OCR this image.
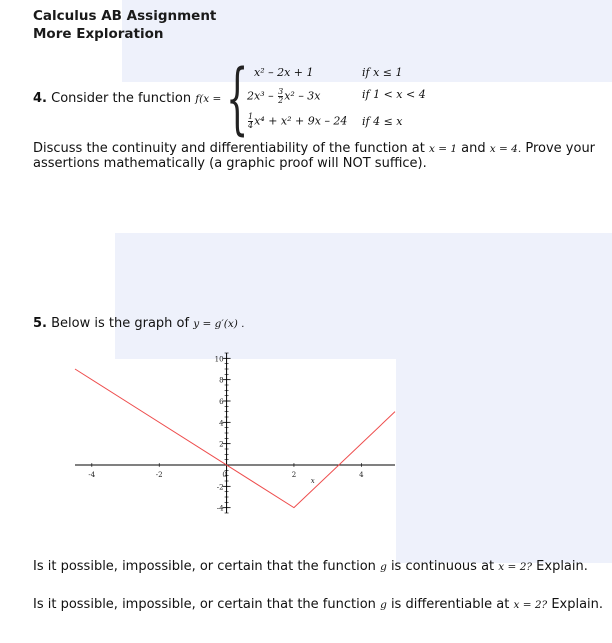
Calculus AB Assignment
More Exploration
4. Consider the function f(x = { x² – 2x + 1	if x ≤ 1
$2x^3 - \frac{3}{2} x^2 - 3x$	if 1 < x < 4
$\frac{1}{4} x^4 + x^2 + 9x - 24$ if 4 ≤ x
Discuss the continuity and differentiability of the function at x = 1 and x = 4. Prove your
assertions mathematically (a graphic proof will NOT suffice).
5. Below is the graph of y = g′(x) .
10
8
6
4
2
-2
-4
-4	-2	0	2	4
x
Is it possible, impossible, or certain that the function g is continuous at x = 2? Explain.
Is it possible, impossible, or certain that the function g is differentiable at x = 2? Explain.
